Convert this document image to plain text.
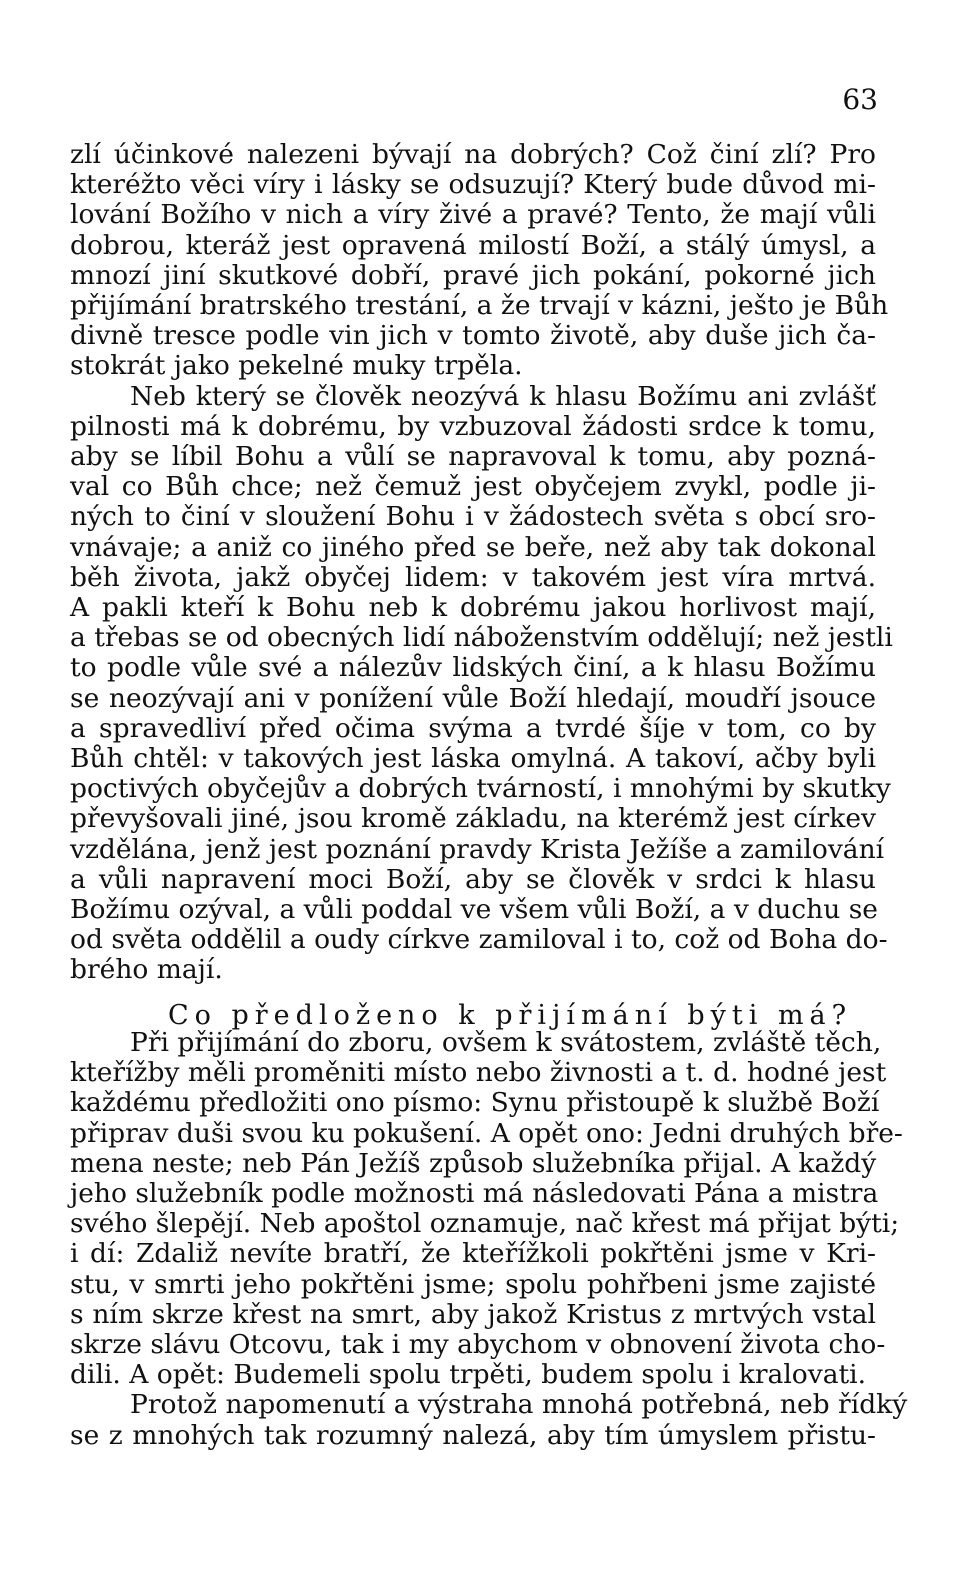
63

zlí účinkové nalezeni bývají na dobrých? Což činí zlí? Pro
kteréžto věci víry i lásky se odsuzují? Který bude důvod mi-
lování Božího v nich a víry živé a pravé? Tento, že mají vůli
dobrou, kteráž jest opravená milostí Boží, a stálý úmysl, a
mnozí jiní skutkové dobří, pravé jich pokání, pokorné jich
přijímání bratrského trestání, a že trvají v kázni, ješto je Bůh
divně tresce podle vin jich v tomto životě, aby duše jich ča-
stokrát jako pekelné muky trpěla.

Neb který se člověk neozývá k hlasu Božímu ani zvlášť
pilnosti má k dobrému, by vzbuzoval žádosti srdce k tomu,
aby se líbil Bohu a vůlí se napravoval k tomu, aby pozná-
val co Bůh chce; než čemuž jest obyčejem zvykl, podle ji-
ných to činí v sloužení Bohu i v žádostech světa s obcí sro-
vnávaje; a aniž co jiného před se beře, než aby tak dokonal
běh života, jakž obyčej lidem: v takovém jest víra mrtvá.
A pakli kteří k Bohu neb k dobrému jakou horlivost mají,
a třebas se od obecných lidí náboženstvím oddělují; než jestli
to podle vůle své a nálezův lidských činí, a k hlasu Božímu
se neozývají ani v ponížení vůle Boží hledají, moudří jsouce
a spravedliví před očima svýma a tvrdé šíje v tom, co by
Bůh chtěl: v takových jest láska omylná. A takoví, ačby byli
poctivých obyčejův a dobrých tvárností, i mnohými by skutky
převyšovali jiné, jsou kromě základu, na kterémž jest církev
vzdělána, jenž jest poznání pravdy Krista Ježíše a zamilování
a vůli napravení moci Boží, aby se člověk v srdci k hlasu
Božímu ozýval, a vůli poddal ve všem vůli Boží, a v duchu se
od světa oddělil a oudy církve zamiloval i to, což od Boha do-
brého mají.

Co předloženo k přijímání býti má?

Při přijímání do zboru, ovšem k svátostem, zvláště těch,
kteřížby měli proměniti místo nebo živnosti a t. d. hodné jest
každému předložiti ono písmo: Synu přistoupě k službě Boží
připrav duši svou ku pokušení. A opět ono: Jedni druhých bře-
mena neste; neb Pán Ježíš způsob služebníka přijal. A každý
jeho služebník podle možnosti má následovati Pána a mistra
svého šlepějí. Neb apoštol oznamuje, nač křest má přijat býti;
i dí: Zdaliž nevíte bratří, že kteřížkoli pokřtěni jsme v Kri-
stu, v smrti jeho pokřtěni jsme; spolu pohřbeni jsme zajisté
s ním skrze křest na smrt, aby jakož Kristus z mrtvých vstal
skrze slávu Otcovu, tak i my abychom v obnovení života cho-
dili. A opět: Budemeli spolu trpěti, budem spolu i kralovati.

Protož napomenutí a výstraha mnohá potřebná, neb řídký
se z mnohých tak rozumný nalezá, aby tím úmyslem přistu-
